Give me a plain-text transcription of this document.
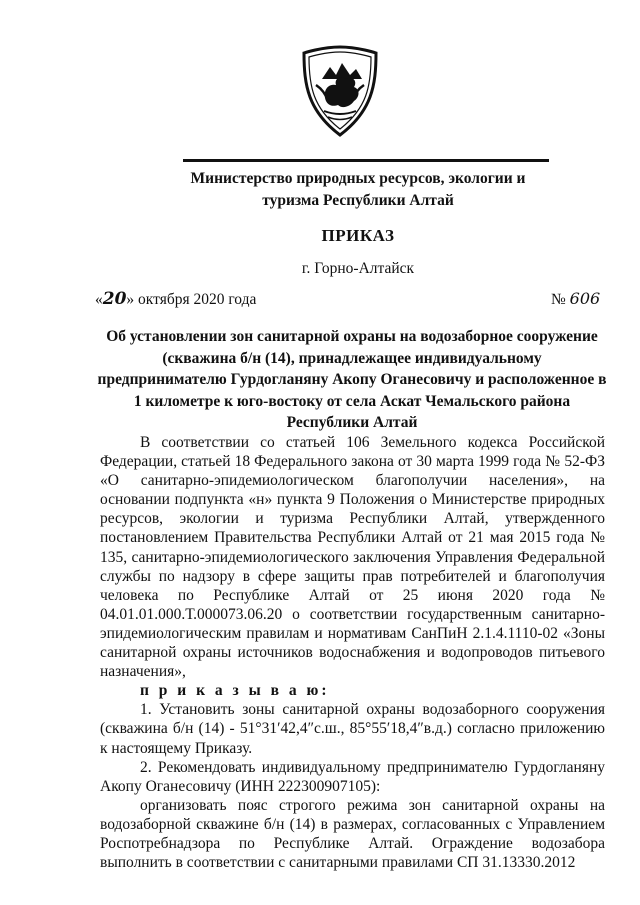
Министерство природных ресурсов, экологии и
туризма Республики Алтай
ПРИКАЗ
г. Горно-Алтайск
«20» октября 2020 года	№ 606
Об установлении зон санитарной охраны на водозаборное сооружение (скважина б/н (14), принадлежащее индивидуальному предпринимателю Гурдогланяну Акопу Оганесовичу и расположенное в 1 километре к юго-востоку от села Аскат Чемальского района Республики Алтай

В соответствии со статьей 106 Земельного кодекса Российской Федерации, статьей 18 Федерального закона от 30 марта 1999 года № 52-ФЗ «О санитарно-эпидемиологическом благополучии населения», на основании подпункта «н» пункта 9 Положения о Министерстве природных ресурсов, экологии и туризма Республики Алтай, утвержденного постановлением Правительства Республики Алтай от 21 мая 2015 года № 135, санитарно-эпидемиологического заключения Управления Федеральной службы по надзору в сфере защиты прав потребителей и благополучия человека по Республике Алтай от 25 июня 2020 года № 04.01.01.000.Т.000073.06.20 о соответствии государственным санитарно-эпидемиологическим правилам и нормативам СанПиН 2.1.4.1110-02 «Зоны санитарной охраны источников водоснабжения и водопроводов питьевого назначения»,

п р и к а з ы в а ю:

1. Установить зоны санитарной охраны водозаборного сооружения (скважина б/н (14) - 51°31′42,4″с.ш., 85°55′18,4″в.д.) согласно приложению к настоящему Приказу.

2. Рекомендовать индивидуальному предпринимателю Гурдогланяну Акопу Оганесовичу (ИНН 222300907105):

организовать пояс строгого режима зон санитарной охраны на водозаборной скважине б/н (14) в размерах, согласованных с Управлением Роспотребнадзора по Республике Алтай. Ограждение водозабора выполнить в соответствии с санитарными правилами СП 31.13330.2012
